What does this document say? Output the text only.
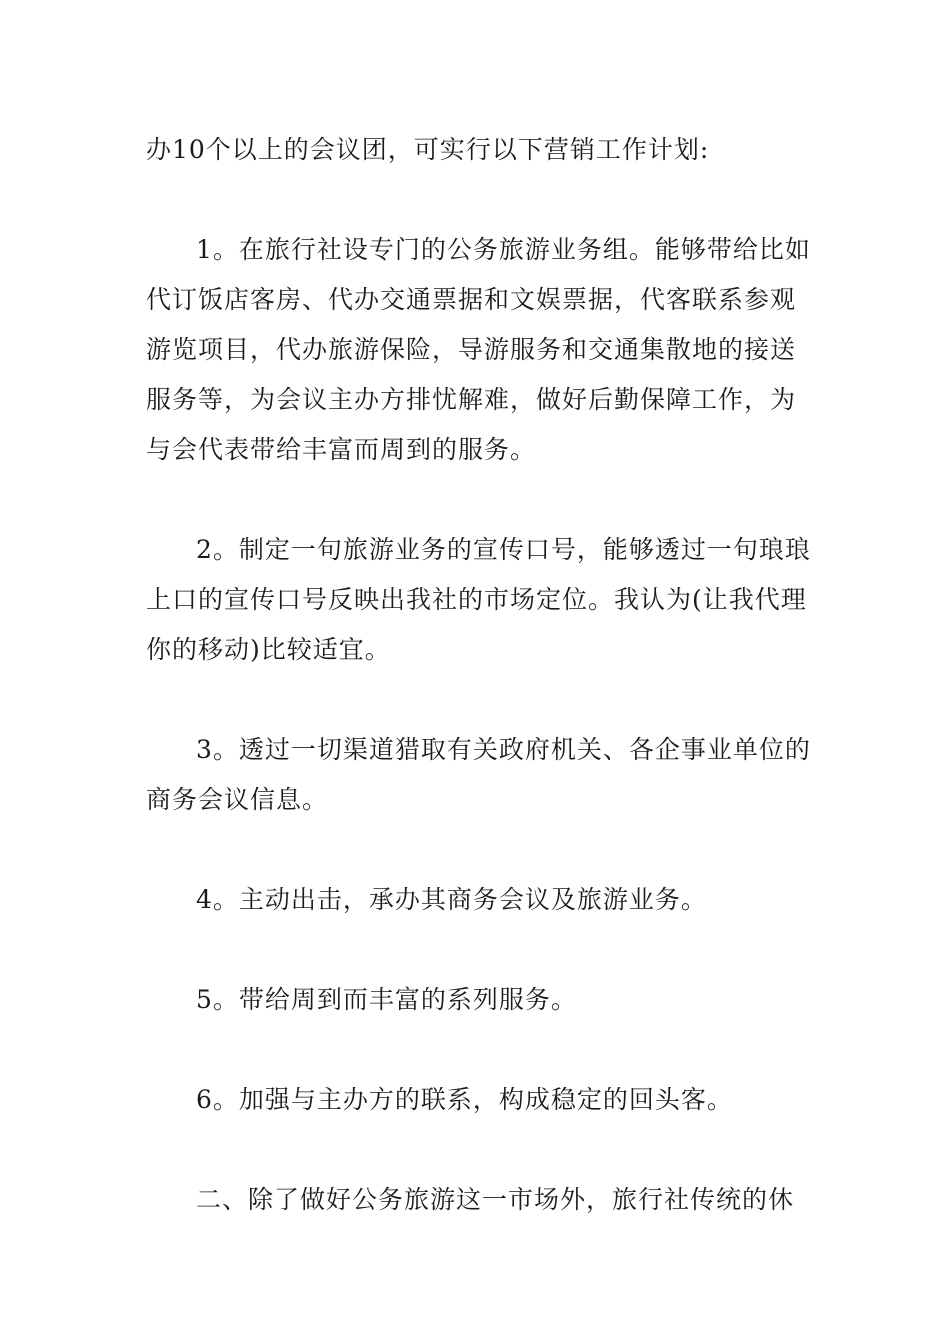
办10个以上的会议团，可实行以下营销工作计划:
1。在旅行社设专门的公务旅游业务组。能够带给比如
代订饭店客房、代办交通票据和文娱票据，代客联系参观
游览项目，代办旅游保险，导游服务和交通集散地的接送
服务等，为会议主办方排忧解难，做好后勤保障工作，为
与会代表带给丰富而周到的服务。
2。制定一句旅游业务的宣传口号，能够透过一句琅琅
上口的宣传口号反映出我社的市场定位。我认为(让我代理
你的移动)比较适宜。
3。透过一切渠道猎取有关政府机关、各企事业单位的
商务会议信息。
4。主动出击，承办其商务会议及旅游业务。
5。带给周到而丰富的系列服务。
6。加强与主办方的联系，构成稳定的回头客。
二、除了做好公务旅游这一市场外，旅行社传统的休
